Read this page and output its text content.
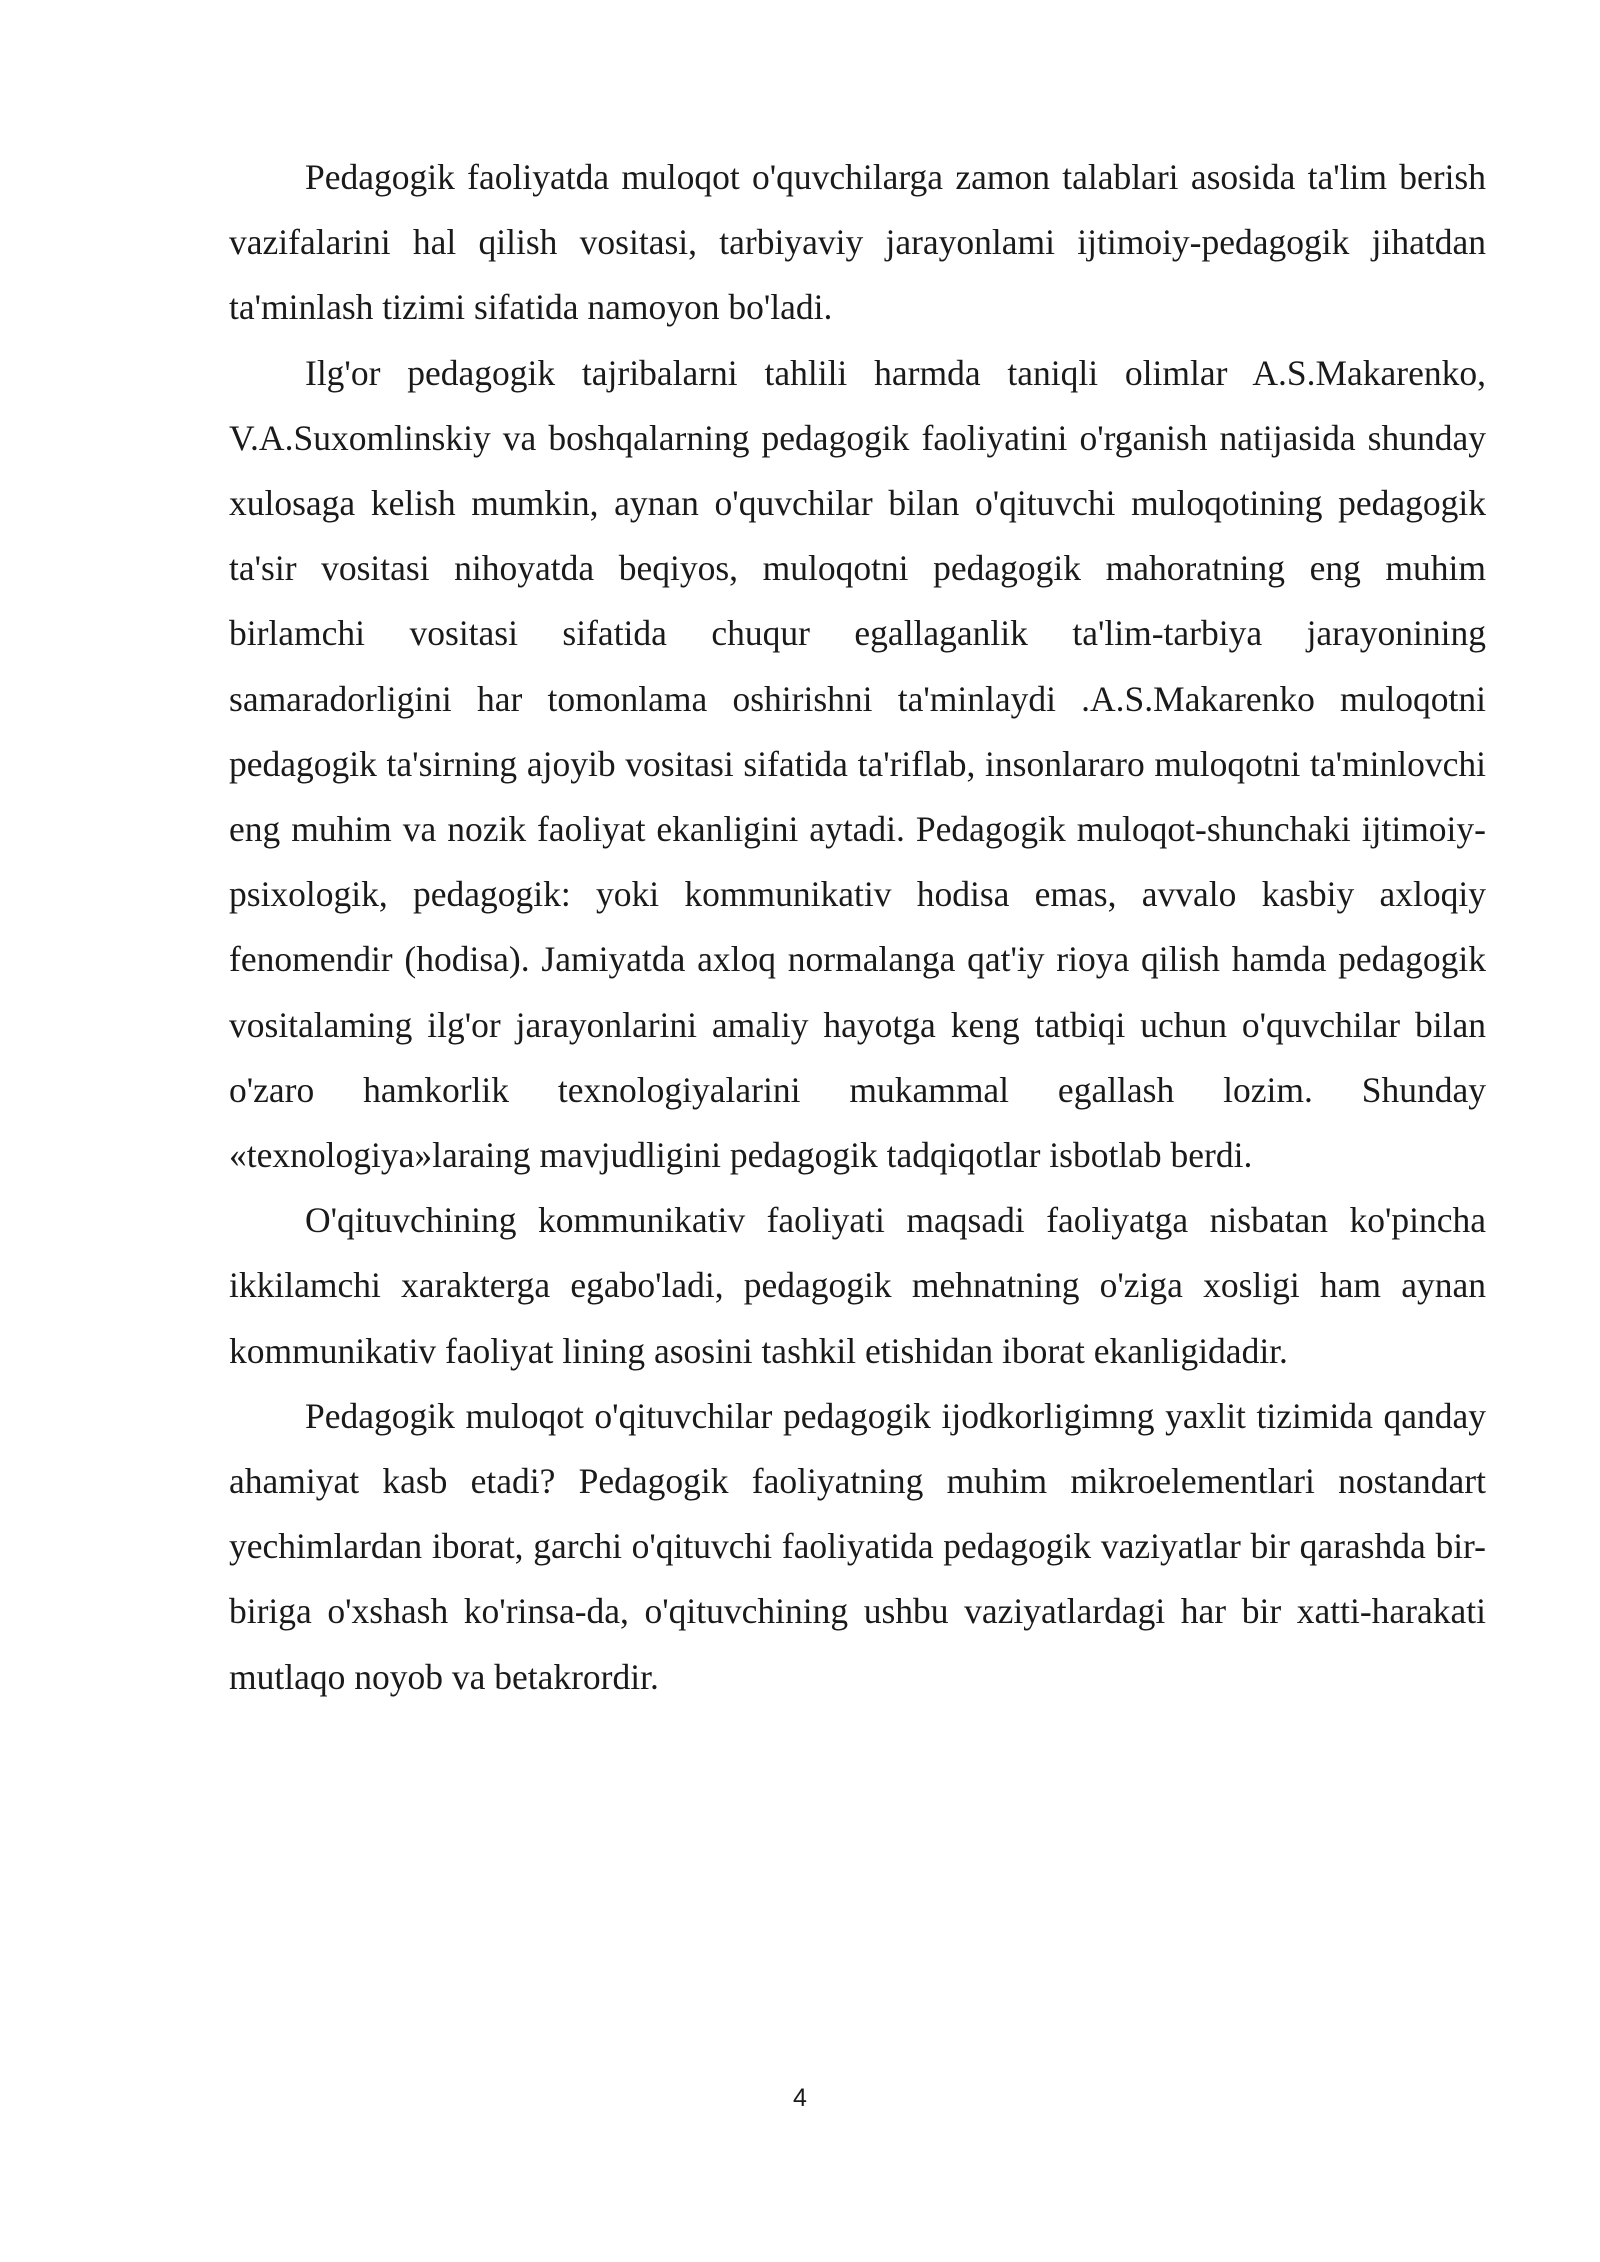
Pedagogik faoliyatda muloqot o'quvchilarga zamon talablari asosida ta'lim berish vazifalarini hal qilish vositasi, tarbiyaviy jarayonlami ijtimoiy-pedagogik jihatdan ta'minlash tizimi sifatida namoyon bo'ladi.

Ilg'or pedagogik tajribalarni tahlili harmda taniqli olimlar A.S.Makarenko, V.A.Suxomlinskiy va boshqalarning pedagogik faoliyatini o'rganish natijasida shunday xulosaga kelish mumkin, aynan o'quvchilar bilan o'qituvchi muloqotining pedagogik ta'sir vositasi nihoyatda beqiyos, muloqotni pedagogik mahoratning eng muhim birlamchi vositasi sifatida chuqur egallaganlik ta'lim-tarbiya jarayonining samaradorligini har tomonlama oshirishni ta'minlaydi .A.S.Makarenko muloqotni pedagogik ta'sirning ajoyib vositasi sifatida ta'riflab, insonlararo muloqotni ta'minlovchi eng muhim va nozik faoliyat ekanligini aytadi. Pedagogik muloqot-shunchaki ijtimoiy-psixologik, pedagogik: yoki kommunikativ hodisa emas, avvalo kasbiy axloqiy fenomendir (hodisa). Jamiyatda axloq normalanga qat'iy rioya qilish hamda pedagogik vositalaming ilg'or jarayonlarini amaliy hayotga keng tatbiqi uchun o'quvchilar bilan o'zaro hamkorlik texnologiyalarini mukammal egallash lozim. Shunday «texnologiya»laraing mavjudligini pedagogik tadqiqotlar isbotlab berdi.

O'qituvchining kommunikativ faoliyati maqsadi faoliyatga nisbatan ko'pincha ikkilamchi xarakterga egabo'ladi, pedagogik mehnatning o'ziga xosligi ham aynan kommunikativ faoliyat lining asosini tashkil etishidan iborat ekanligidadir.

Pedagogik muloqot o'qituvchilar pedagogik ijodkorligimng yaxlit tizimida qanday ahamiyat kasb etadi? Pedagogik faoliyatning muhim mikroelementlari nostandart yechimlardan iborat, garchi o'qituvchi faoliyatida pedagogik vaziyatlar bir qarashda bir-biriga o'xshash ko'rinsa-da, o'qituvchining ushbu vaziyatlardagi har bir xatti-harakati mutlaqo noyob va betakrordir.

4
